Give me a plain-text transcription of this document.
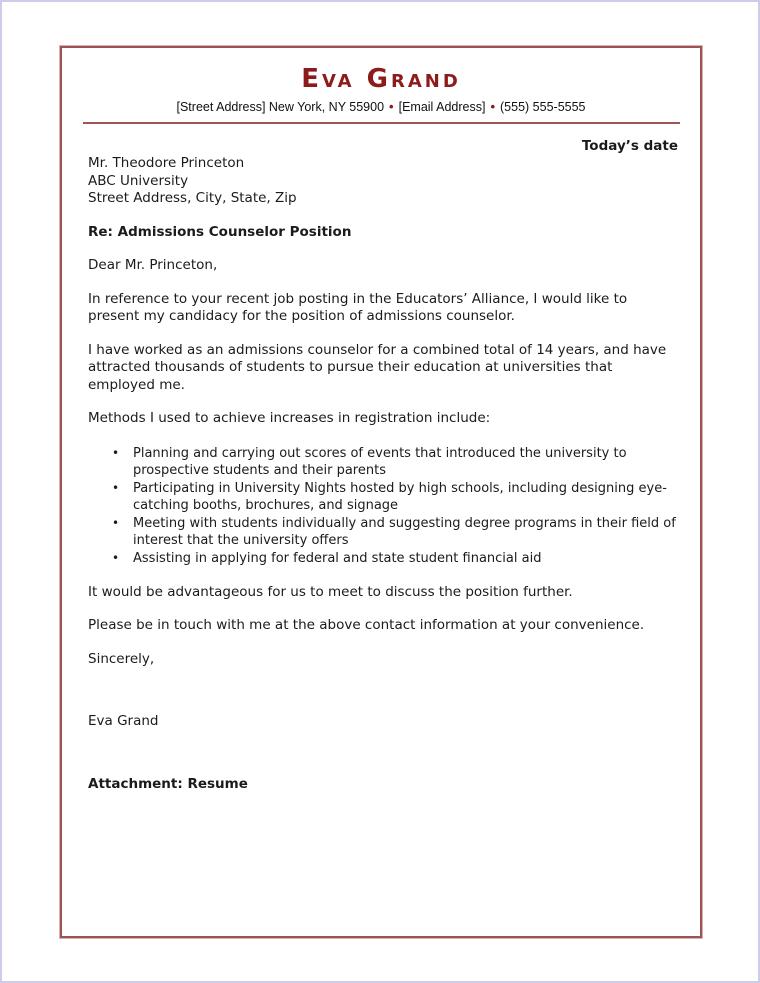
Eva Grand
[Street Address] New York, NY 55900 • [Email Address] • (555) 555-5555
Today’s date
Mr. Theodore Princeton
ABC University
Street Address, City, State, Zip
Re: Admissions Counselor Position
Dear Mr. Princeton,
In reference to your recent job posting in the Educators’ Alliance, I would like to present my candidacy for the position of admissions counselor.
I have worked as an admissions counselor for a combined total of 14 years, and have attracted thousands of students to pursue their education at universities that employed me.
Methods I used to achieve increases in registration include:
•	Planning and carrying out scores of events that introduced the university to prospective students and their parents
•	Participating in University Nights hosted by high schools, including designing eye-catching booths, brochures, and signage
•	Meeting with students individually and suggesting degree programs in their field of interest that the university offers
•	Assisting in applying for federal and state student financial aid
It would be advantageous for us to meet to discuss the position further.
Please be in touch with me at the above contact information at your convenience.
Sincerely,
Eva Grand
Attachment: Resume
